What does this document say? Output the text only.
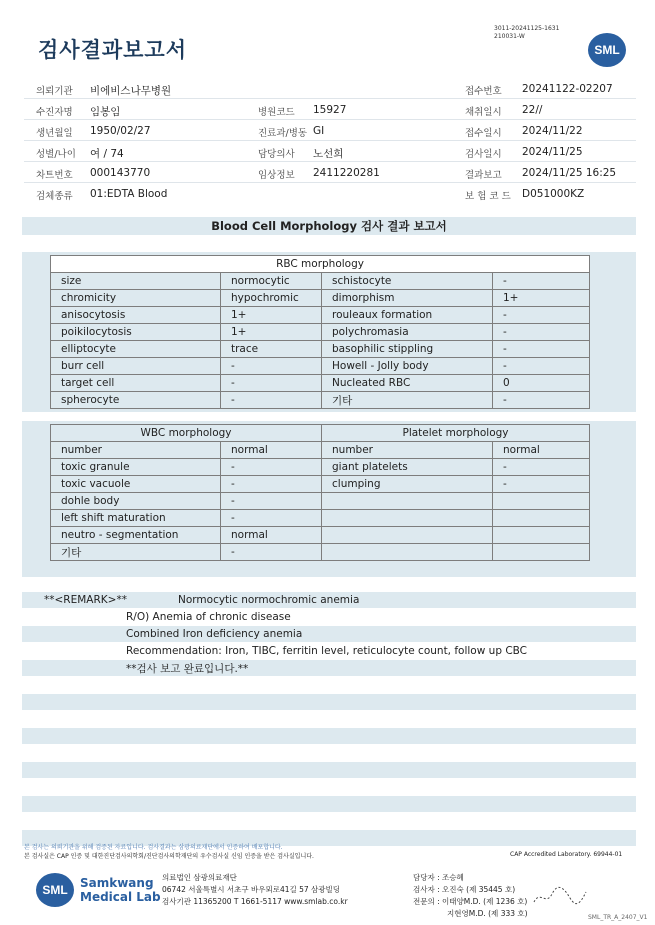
검사결과보고서
3011-20241125-1631
210031-W
SML
의뢰기관 비에비스나무병원	접수번호 20241122-02207
수진자명 임봉임	병원코드 15927	채취일시 22//
생년월일 1950/02/27	진료과/병동 GI	접수일시 2024/11/22
성별/나이 여 / 74	담당의사 노선희	검사일시 2024/11/25
차트번호 000143770	임상정보 2411220281	결과보고 2024/11/25 16:25
검체종류 01:EDTA Blood	보 험 코 드 D051000KZ
Blood Cell Morphology 검사 결과 보고서
RBC morphology			
size	normocytic	schistocyte	-
chromicity	hypochromic	dimorphism	1+
anisocytosis	1+	rouleaux formation	-
poikilocytosis	1+	polychromasia	-
elliptocyte	trace	basophilic stippling	-
burr cell	-	Howell - Jolly body	-
target cell	-	Nucleated RBC	0
spherocyte	-	기타	-
WBC morphology		Platelet morphology	
number	normal	number	normal
toxic granule	-	giant platelets	-
toxic vacuole	-	clumping	-
dohle body	-		
left shift maturation	-		
neutro - segmentation	normal		
기타	-		
**<REMARK>**	Normocytic normochromic anemia
R/O) Anemia of chronic disease
Combined Iron deficiency anemia
Recommendation: Iron, TIBC, ferritin level, reticulocyte count, follow up CBC
**검사 보고 완료입니다.**
본 검사는 의뢰기관을 위해 검증된 자료입니다. 검사결과는 삼광의료재단에서 인증하여 배포합니다.
본 검사실은 CAP 인증 및 대한진단검사의학회/진단검사의학재단의 우수검사실 신임 인증을 받은 검사실입니다.	CAP Accredited Laboratory. 69944-01
SML	Samkwang
Medical Lab
의료법인 삼광의료재단
06742 서울특별시 서초구 바우뫼로41길 57 삼광빌딩
검사기관 11365200 T 1661-5117 www.smlab.co.kr
담당자 : 조승혜
검사자 : 오진숙 (제 35445 호)
전문의 : 이태양M.D. (제 1236 호)
지현영M.D. (제 333 호)	SML_TR_A_2407_V1
